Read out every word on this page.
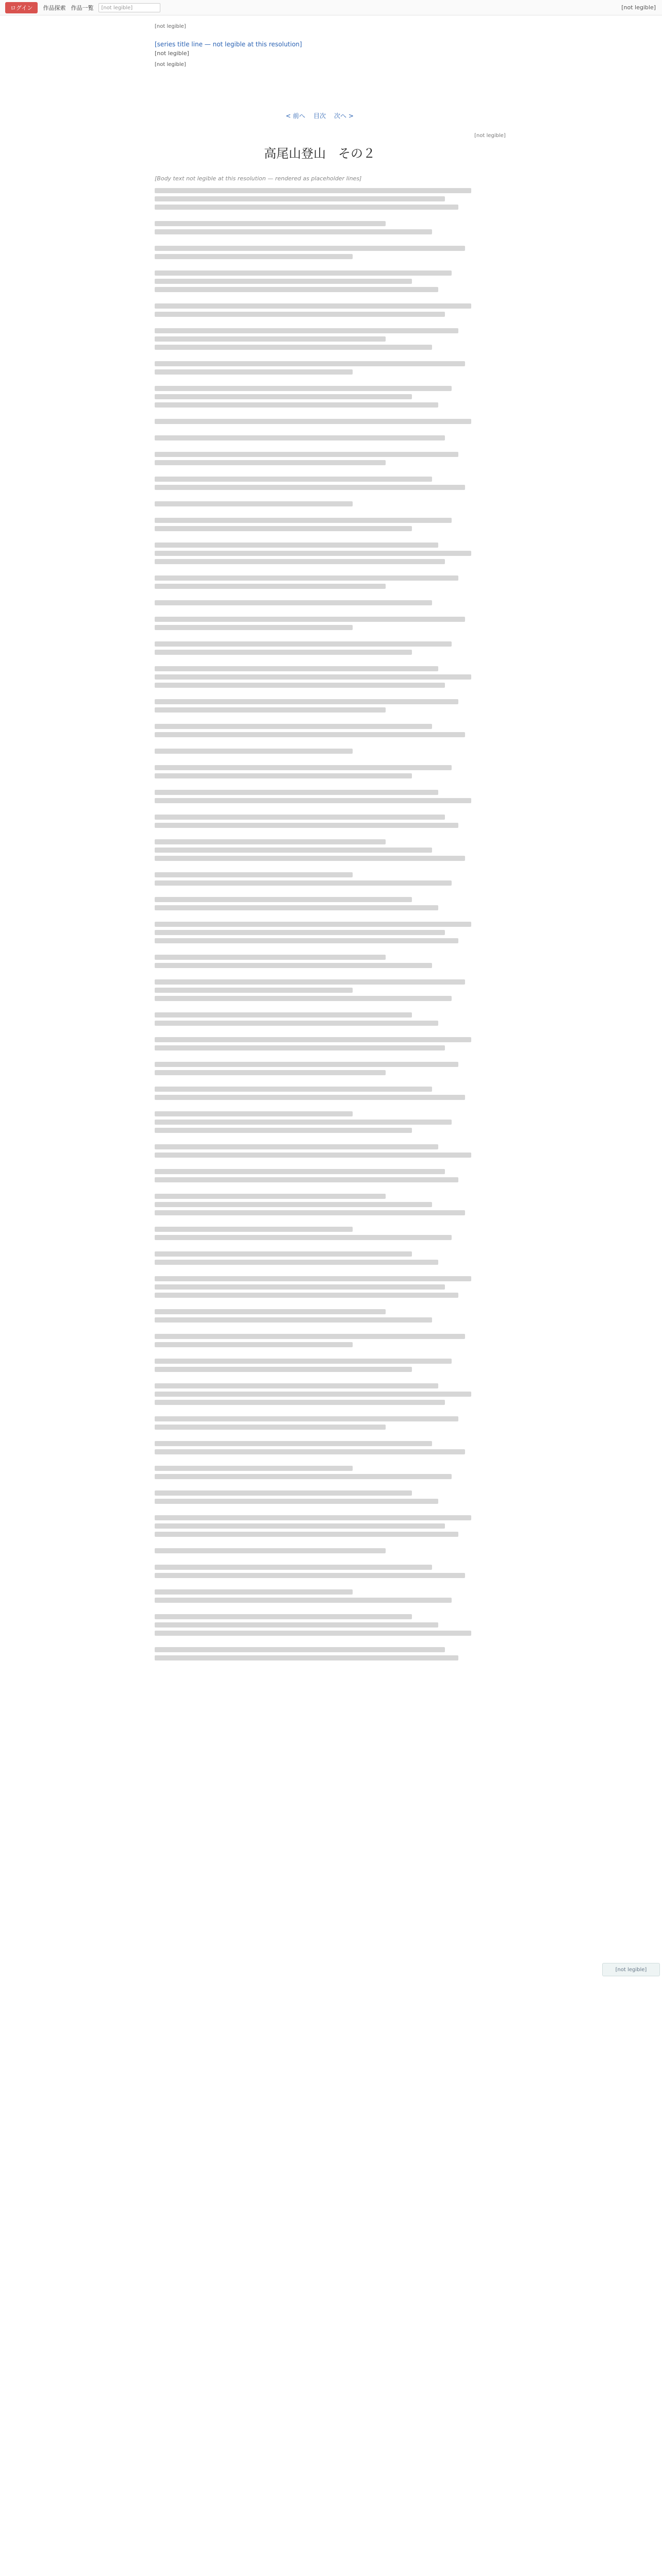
ログイン	作品探索 作品一覧	[not legible]	[not legible]
[not legible]
[series title line — not legible at this resolution]
[not legible]
[not legible]
< 前へ 目次 次へ >
[not legible]
高尾山登山　その２
[Body text not legible at this resolution — rendered as placeholder lines]
[not legible]
